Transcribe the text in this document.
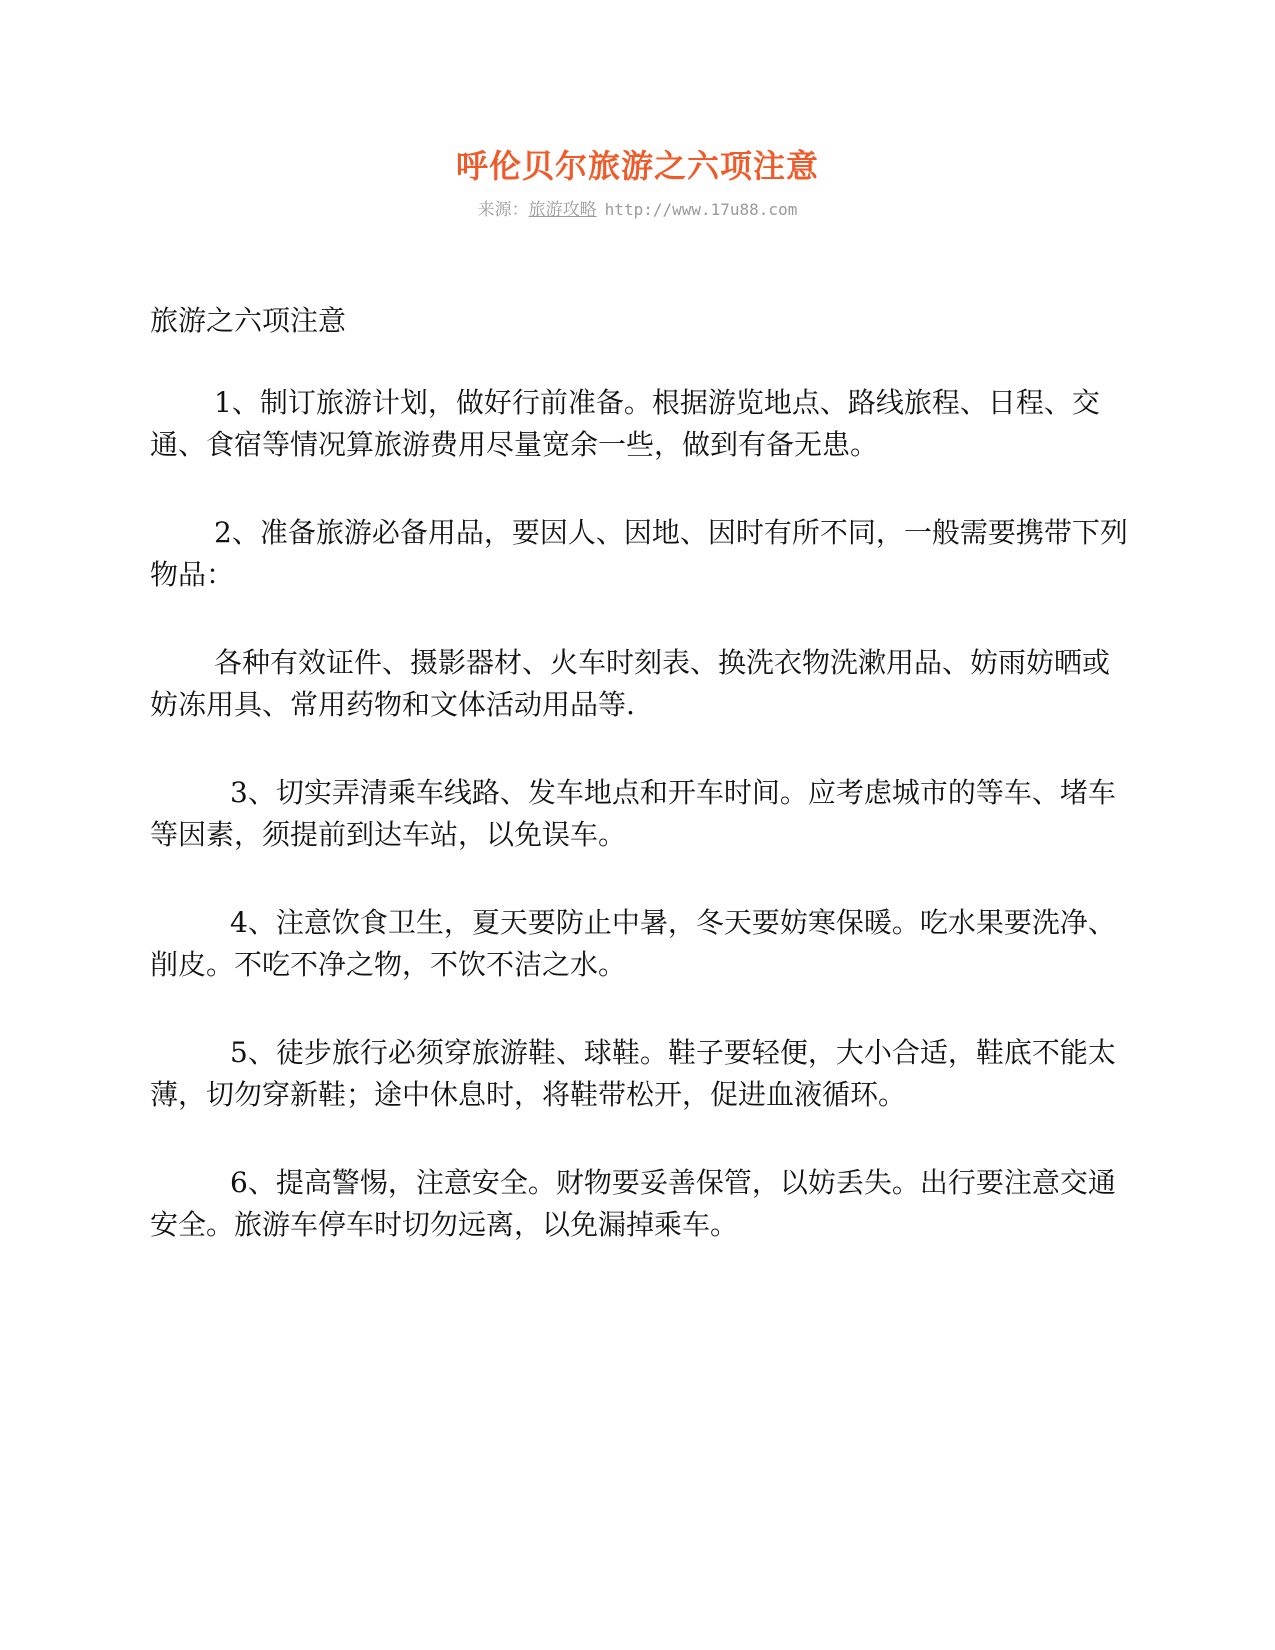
呼伦贝尔旅游之六项注意
来源：旅游攻略 http://www.17u88.com

旅游之六项注意

1、制订旅游计划，做好行前准备。根据游览地点、路线旅程、日程、交通、食宿等情况算旅游费用尽量宽余一些，做到有备无患。

2、准备旅游必备用品，要因人、因地、因时有所不同，一般需要携带下列物品：

各种有效证件、摄影器材、火车时刻表、换洗衣物洗漱用品、妨雨妨晒或妨冻用具、常用药物和文体活动用品等.

3、切实弄清乘车线路、发车地点和开车时间。应考虑城市的等车、堵车等因素，须提前到达车站，以免误车。

4、注意饮食卫生，夏天要防止中暑，冬天要妨寒保暖。吃水果要洗净、削皮。不吃不净之物，不饮不洁之水。

5、徒步旅行必须穿旅游鞋、球鞋。鞋子要轻便，大小合适，鞋底不能太薄，切勿穿新鞋；途中休息时，将鞋带松开，促进血液循环。

6、提高警惕，注意安全。财物要妥善保管，以妨丢失。出行要注意交通安全。旅游车停车时切勿远离，以免漏掉乘车。
